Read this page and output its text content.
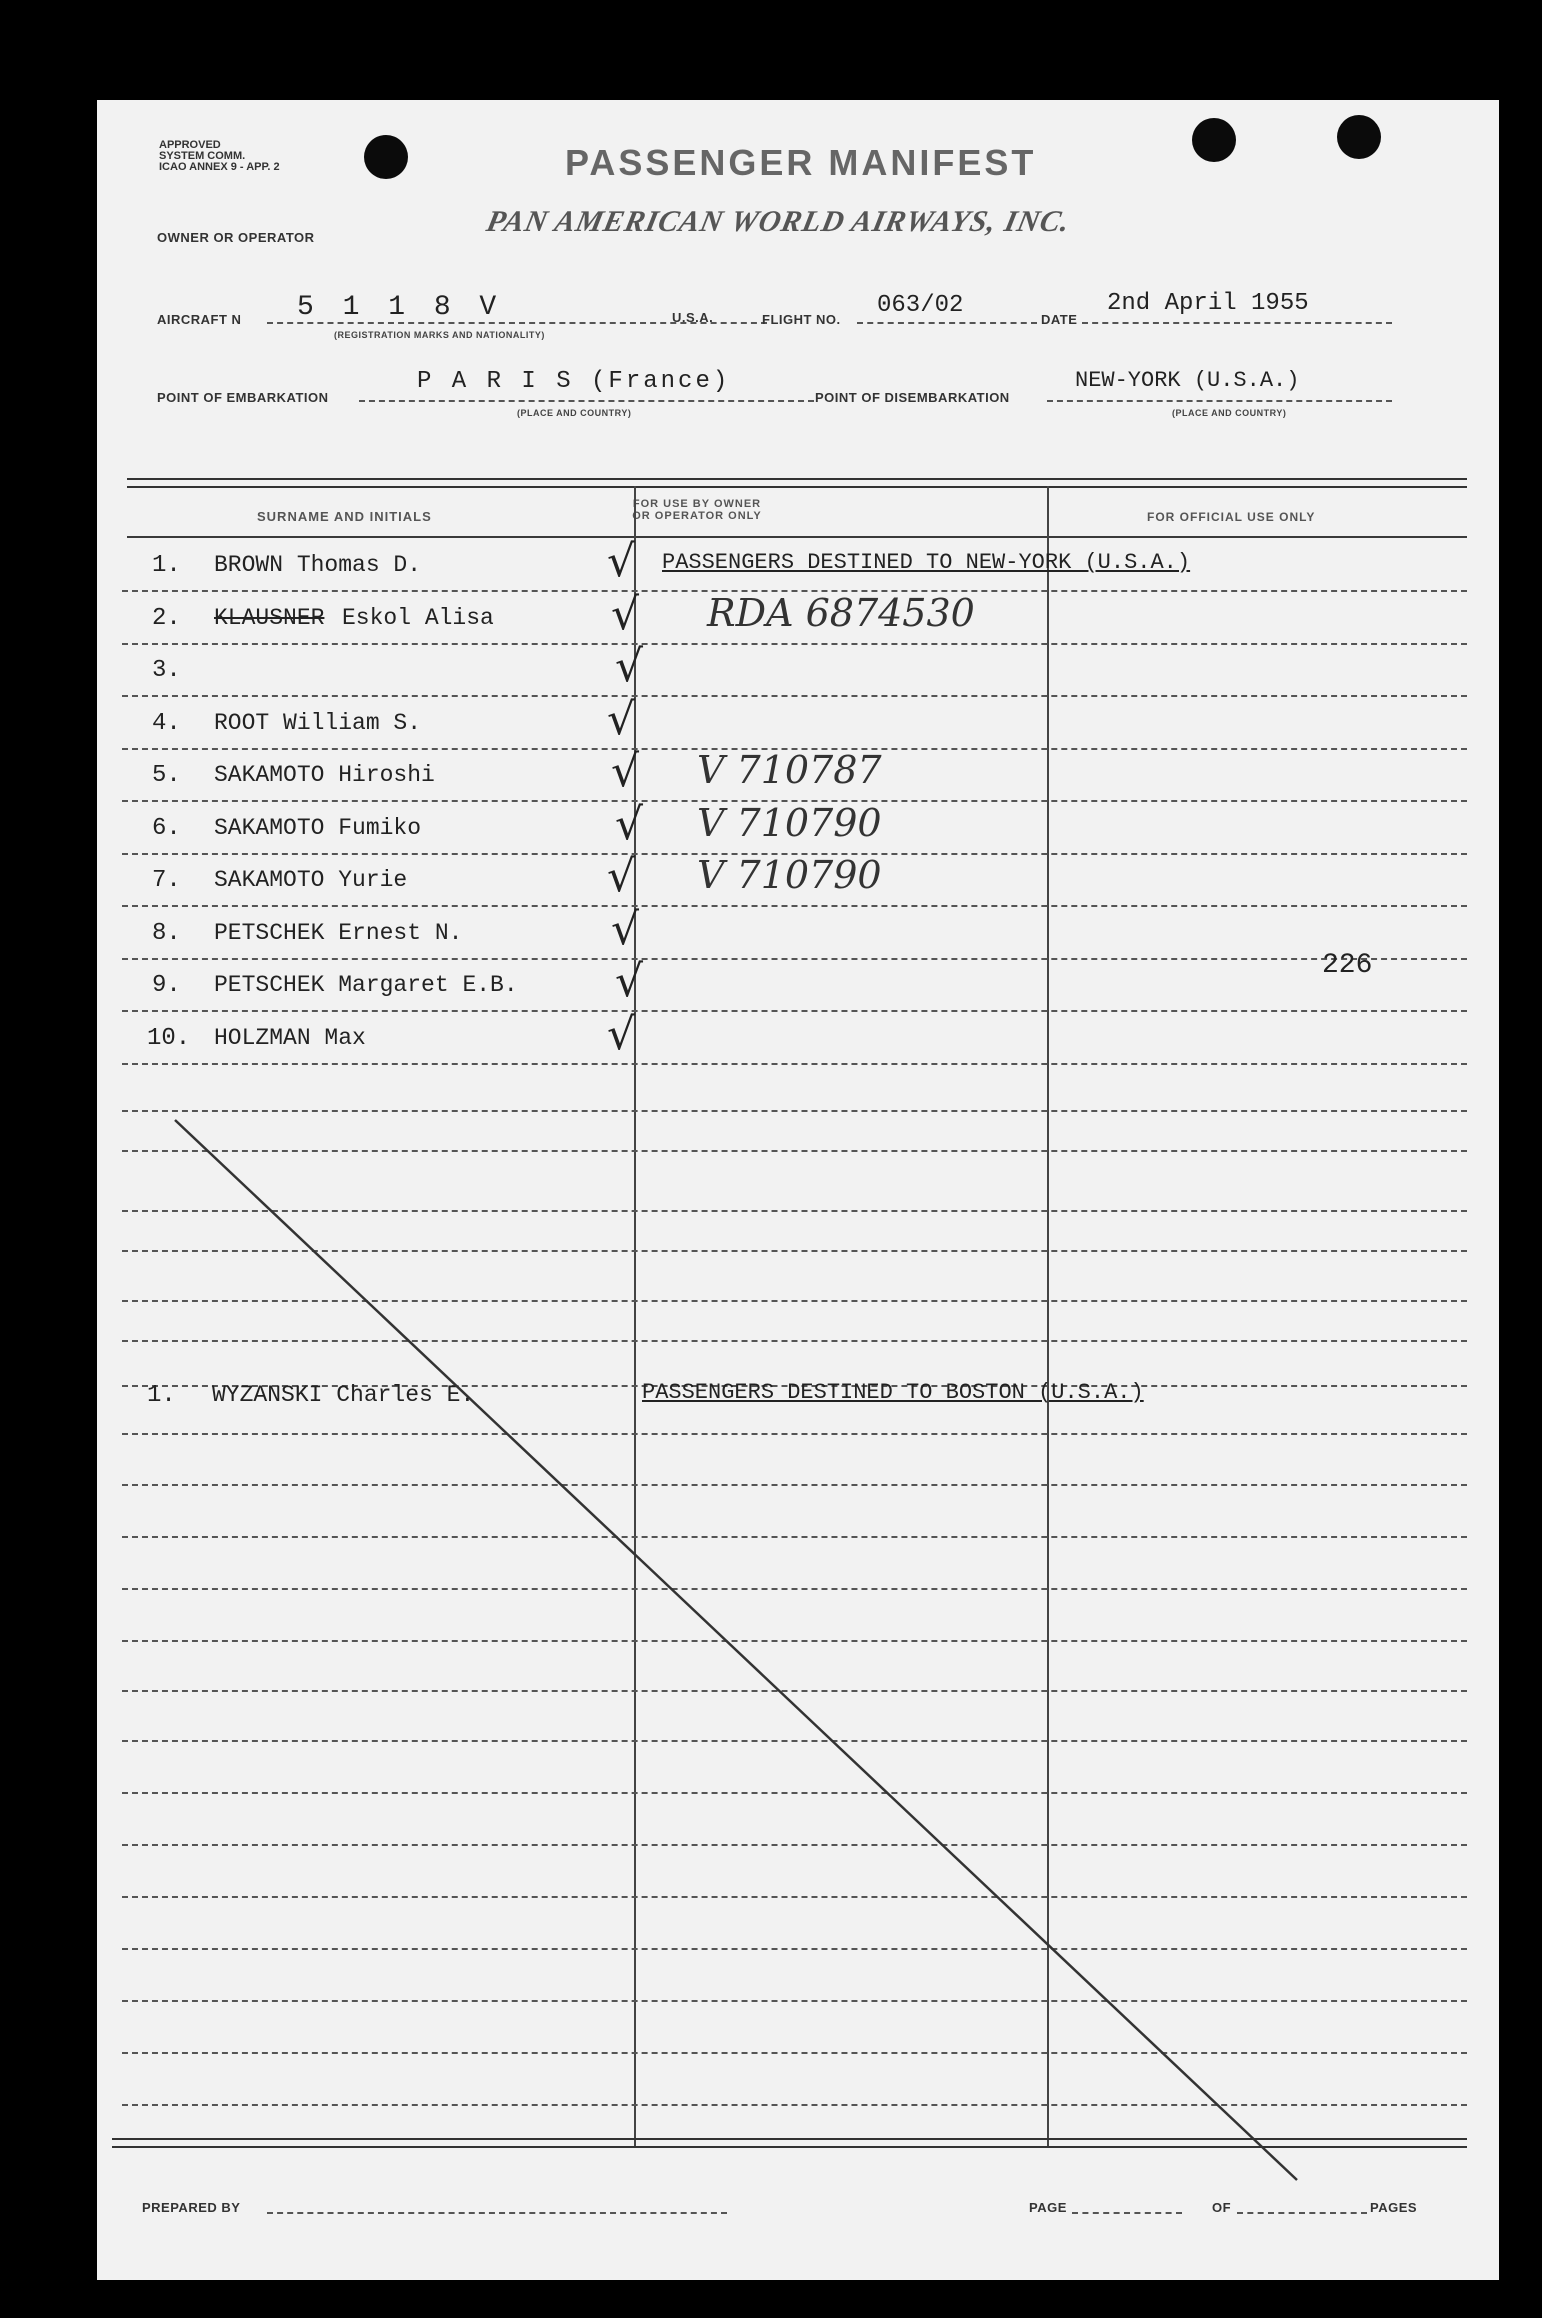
APPROVED
SYSTEM COMM.
ICAO ANNEX 9 - APP. 2	PASSENGER MANIFEST
OWNER OR OPERATOR	PAN AMERICAN WORLD AIRWAYS, INC.
AIRCRAFT N 5 1 1 8 V
(REGISTRATION MARKS AND NATIONALITY)
U.S.A.	FLIGHT NO.
063/02
DATE
2nd April 1955
POINT OF EMBARKATION
P A R I S (France)
(PLACE AND COUNTRY)
POINT OF DISEMBARKATION
NEW-YORK (U.S.A.)
(PLACE AND COUNTRY)
SURNAME AND INITIALS
FOR USE BY OWNER
OR OPERATOR ONLY	FOR OFFICIAL USE ONLY
1. BROWN Thomas D.	√
2. KLAUSNER Eskol Alisa	√ RDA 6874530
3.	√
4. ROOT William S.	√
5. SAKAMOTO Hiroshi	√ V 710787
6. SAKAMOTO Fumiko	√ V 710790
7. SAKAMOTO Yurie	√ V 710790
8. PETSCHEK Ernest N.	√
9. PETSCHEK Margaret E.B. √
10. HOLZMAN Max	√
PASSENGERS DESTINED TO NEW-YORK (U.S.A.)
226
1. WYZANSKI Charles E.	PASSENGERS DESTINED TO BOSTON (U.S.A.)
PREPARED BY	PAGE	OF	PAGES
